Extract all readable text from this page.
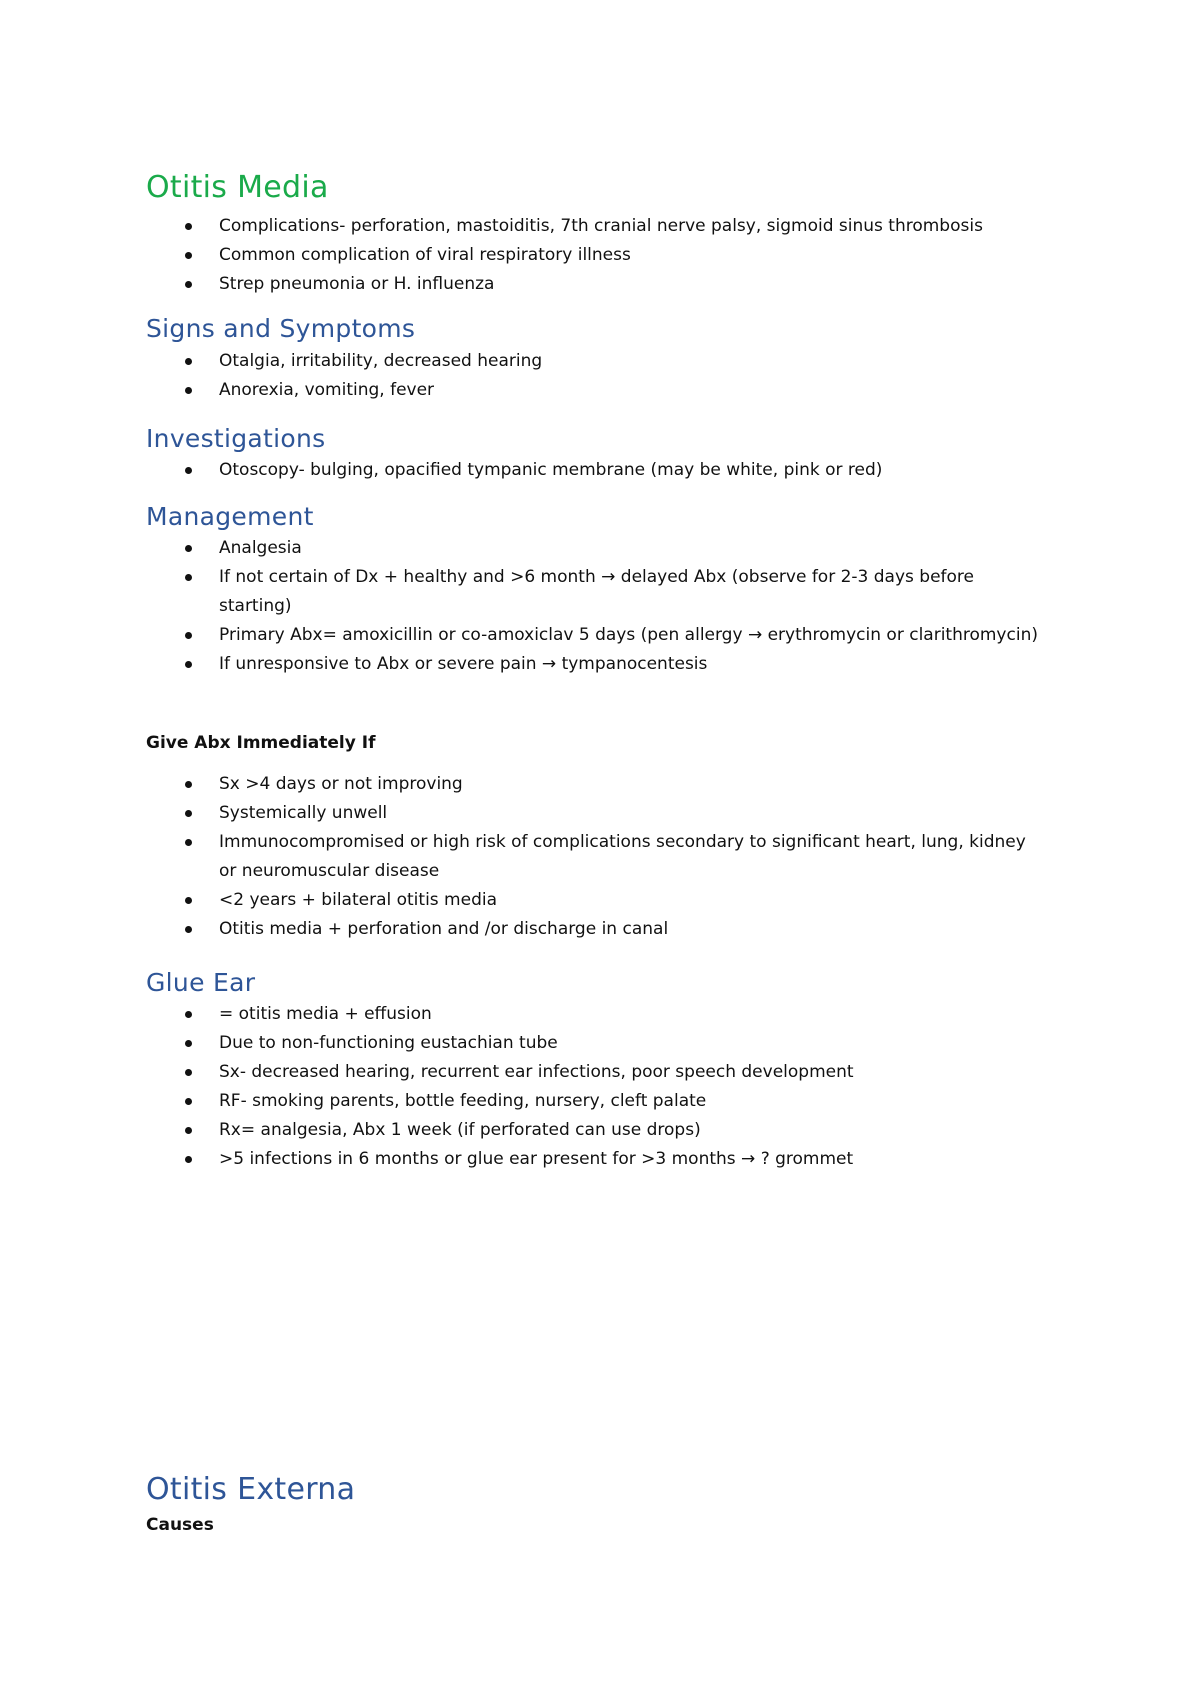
Otitis Media
Complications- perforation, mastoiditis, 7th cranial nerve palsy, sigmoid sinus thrombosis
Common complication of viral respiratory illness
Strep pneumonia or H. influenza
Signs and Symptoms
Otalgia, irritability, decreased hearing
Anorexia, vomiting, fever
Investigations
Otoscopy- bulging, opacified tympanic membrane (may be white, pink or red)
Management
Analgesia
If not certain of Dx + healthy and >6 month → delayed Abx (observe for 2-3 days before starting)
Primary Abx= amoxicillin or co-amoxiclav 5 days (pen allergy → erythromycin or clarithromycin)
If unresponsive to Abx or severe pain → tympanocentesis
Give Abx Immediately If
Sx >4 days or not improving
Systemically unwell
Immunocompromised or high risk of complications secondary to significant heart, lung, kidney or neuromuscular disease
<2 years + bilateral otitis media
Otitis media + perforation and /or discharge in canal
Glue Ear
= otitis media + effusion
Due to non-functioning eustachian tube
Sx- decreased hearing, recurrent ear infections, poor speech development
RF- smoking parents, bottle feeding, nursery, cleft palate
Rx= analgesia, Abx 1 week (if perforated can use drops)
>5 infections in 6 months or glue ear present for >3 months → ? grommet
Otitis Externa
Causes
